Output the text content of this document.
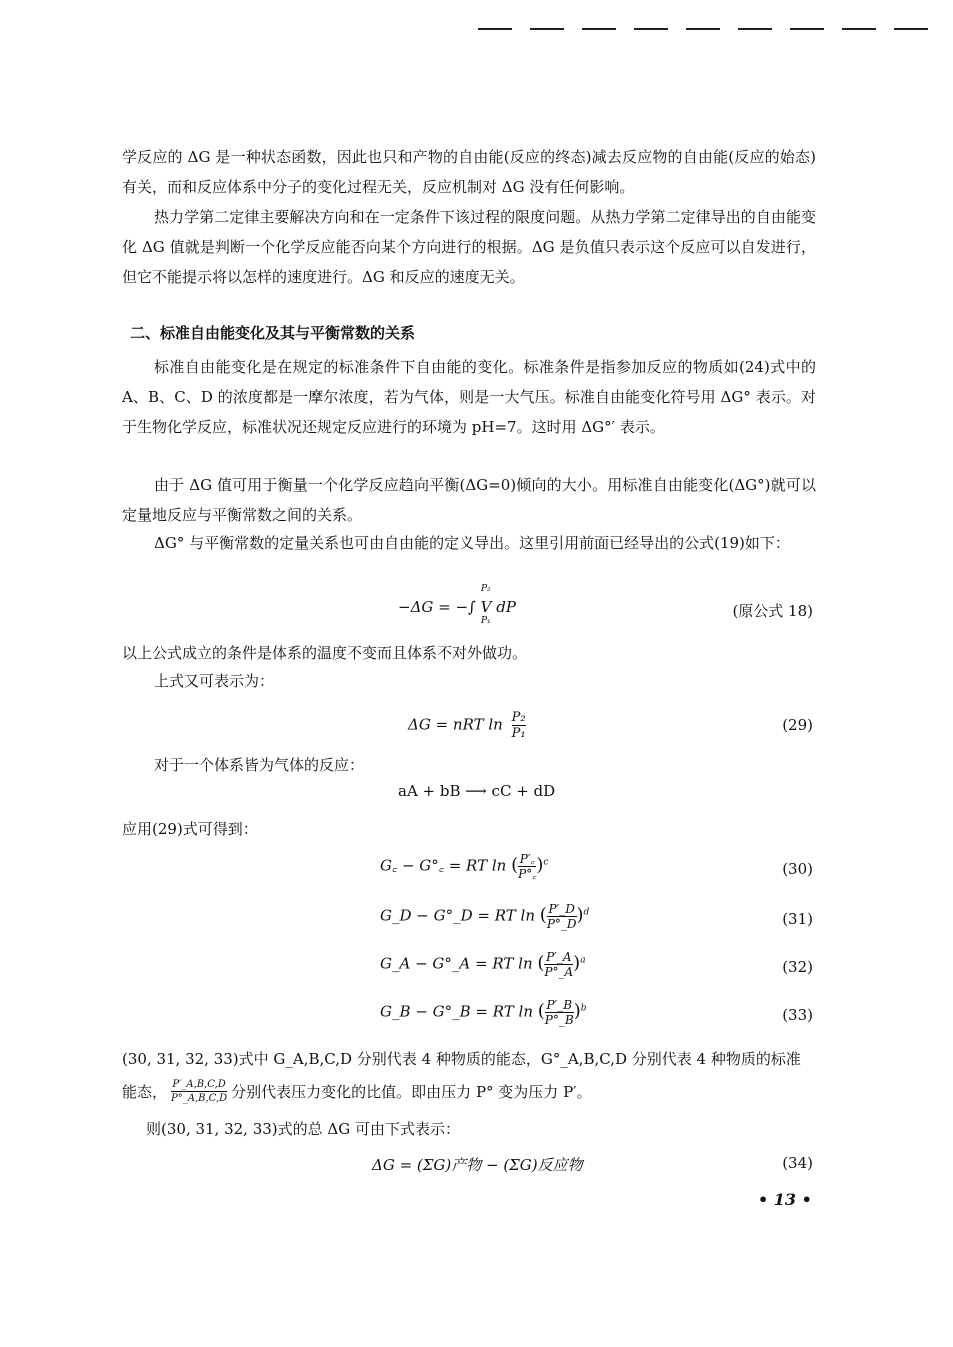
学反应的 ΔG 是一种状态函数，因此也只和产物的自由能(反应的终态)减去反应物的自由能(反应的始态)有关，而和反应体系中分子的变化过程无关，反应机制对 ΔG 没有任何影响。
热力学第二定律主要解决方向和在一定条件下该过程的限度问题。从热力学第二定律导出的自由能变化 ΔG 值就是判断一个化学反应能否向某个方向进行的根据。ΔG 是负值只表示这个反应可以自发进行，但它不能提示将以怎样的速度进行。ΔG 和反应的速度无关。
二、标准自由能变化及其与平衡常数的关系
标准自由能变化是在规定的标准条件下自由能的变化。标准条件是指参加反应的物质如(24)式中的 A、B、C、D 的浓度都是一摩尔浓度，若为气体，则是一大气压。标准自由能变化符号用 ΔG° 表示。对于生物化学反应，标准状况还规定反应进行的环境为 pH=7。这时用 ΔG°′ 表示。
由于 ΔG 值可用于衡量一个化学反应趋向平衡(ΔG=0)倾向的大小。用标准自由能变化(ΔG°)就可以定量地反应与平衡常数之间的关系。
ΔG° 与平衡常数的定量关系也可由自由能的定义导出。这里引用前面已经导出的公式(19)如下：
−ΔG = −∫ V dP
P₂
P₁
(原公式 18)
以上公式成立的条件是体系的温度不变而且体系不对外做功。
上式又可表示为：
ΔG = nRT $\ln \frac{\text{P₂}}{\text{P₁}}$	(29)
对于一个体系皆为气体的反应：
aA + bB ⟶ cC + dD
应用(29)式可得到：
G꜀ − G°꜀ = RT ln ( $\frac{P'꜀}{P^\circ꜀} )^c$	(30)
G_D − G°_D = RT ln ( $\frac{P'\_D}{P^\circ\_D} )^d$	(31)
G_A − G°_A = RT ln ( $\frac{P'\_A}{P^\circ\_A} )^a$	(32)
G_B − G°_B = RT ln ( $\frac{P'\_B}{P^\circ\_B} )^b$	(33)
(30, 31, 32, 33)式中 G_A,B,C,D 分别代表 4 种物质的能态，G°_A,B,C,D 分别代表 4 种物质的标准
能态， $\frac{P'\_A,B,C,D}{P^\circ\_A,B,C,D}$ 分别代表压力变化的比值。即由压力 P° 变为压力 P′。
则(30, 31, 32, 33)式的总 ΔG 可由下式表示：
ΔG = (ΣG)产物 − (ΣG)反应物	(34)
• 13 •
